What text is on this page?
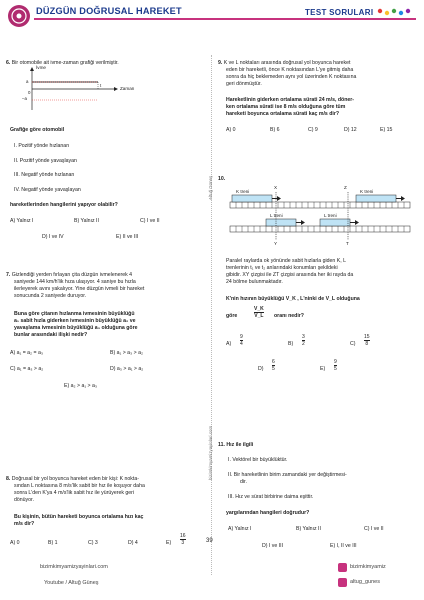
DÜZGÜN DOĞRUSAL HAREKET	TEST SORULARI
6. Bir otomobile ait ivme-zaman grafiği verilmiştir.
İvme
Zaman
a
–a
0
t
Grafiğe göre otomobil
I. Pozitif yönde hızlanan
II. Pozitif yönde yavaşlayan
III. Negatif yönde hızlanan
IV. Negatif yönde yavaşlayan
hareketlerinden hangilerini yapıyor olabilir?
A) Yalnız I	B) Yalnız II	C) I ve II
D) I ve IV	E) II ve III
7. Gizlendiği yerden fırlayan çita düzgün ivmelenerek 4
saniyede 144 km/h'lik hıza ulaşıyor. 4 saniye bu hızla
ilerleyerek avını yakalıyor. Yine düzgün ivmeli bir hareket
sonucunda 2 saniyede duruyor.
Buna göre çitanın hızlanma ivmesinin büyüklüğü
a₁ sabit hızla giderken ivmesinin büyüklüğü a₂ ve
yavaşlama ivmesinin büyüklüğü a₃ olduğuna göre
bunlar arasındaki ilişki nedir?
A) a₁ = a₂ = a₃	B) a₁ > a₃ > a₂
C) a₁ = a₃ > a₂	D) a₃ > a₁ > a₂
E) a₂ > a₁ > a₃
8. Doğrusal bir yol boyunca hareket eden bir kişi: K nokta-
sından L noktasına 8 m/s'lik sabit bir hız ile koşuyor daha
sonra L'den K'ya 4 m/s'lik sabit hız ile yürüyerek geri
dönüyor.
Bu kişinin, bütün hareketi boyunca ortalama hızı kaç
m/s dir?
A) 0	B) 1	C) 3	D) 4	$E) \frac{16}{3}$
Altuğ Güneş
bizimkimyamizyayinlari.com
9. K ve L noktaları arasında doğrusal yol boyunca hareket
eden bir hareketli, önce K noktasından L'ye gitmiş daha
sonra da hiç beklemeden aynı yol üzerinden K noktasına
geri dönmüştür.
Hareketlinin giderken ortalama sürati 24 m/s, döner-
ken ortalama sürati ise 8 m/s olduğuna göre tüm
hareketi boyunca ortalama sürati kaç m/s dir?
A) 0	B) 6	C) 9	D) 12	E) 15
10.
K treni	K treni
L treni	L treni
X	Z
Y	T
Paralel raylarda ok yönünde sabit hızlarla giden K, L
trenlerinin t₁ ve t₂ anlarındaki konumları şekildeki
gibidir. XY çizgisi ile ZT çizgisi arasında her iki rayda da
24 bölme bulunmaktadır.
K'nin hızının büyüklüğü V_K , L'ninki de V_L olduğuna
göre	$\frac{V\_K}{V\_L}$ oranı nedir?
$A) \frac{9}{4}$	$B) \frac{3}{2}$	$C) \frac{15}{8}$
$D) \frac{6}{5}$	$E) \frac{9}{5}$
11. Hız ile ilgili
I. Vektörel bir büyüklüktür.
II. Bir hareketlinin birim zamandaki yer değiştirmesi-
dir.
III. Hız ve sürat birbirine daima eşittir.
yargılarından hangileri doğrudur?
A) Yalnız I	B) Yalnız II	C) I ve II
D) I ve III	E) I, II ve III
bizimkimyamizyayinlari.com
Youtube / Altuğ Güneş
39
bizimkimyamiz
altug_gunes
